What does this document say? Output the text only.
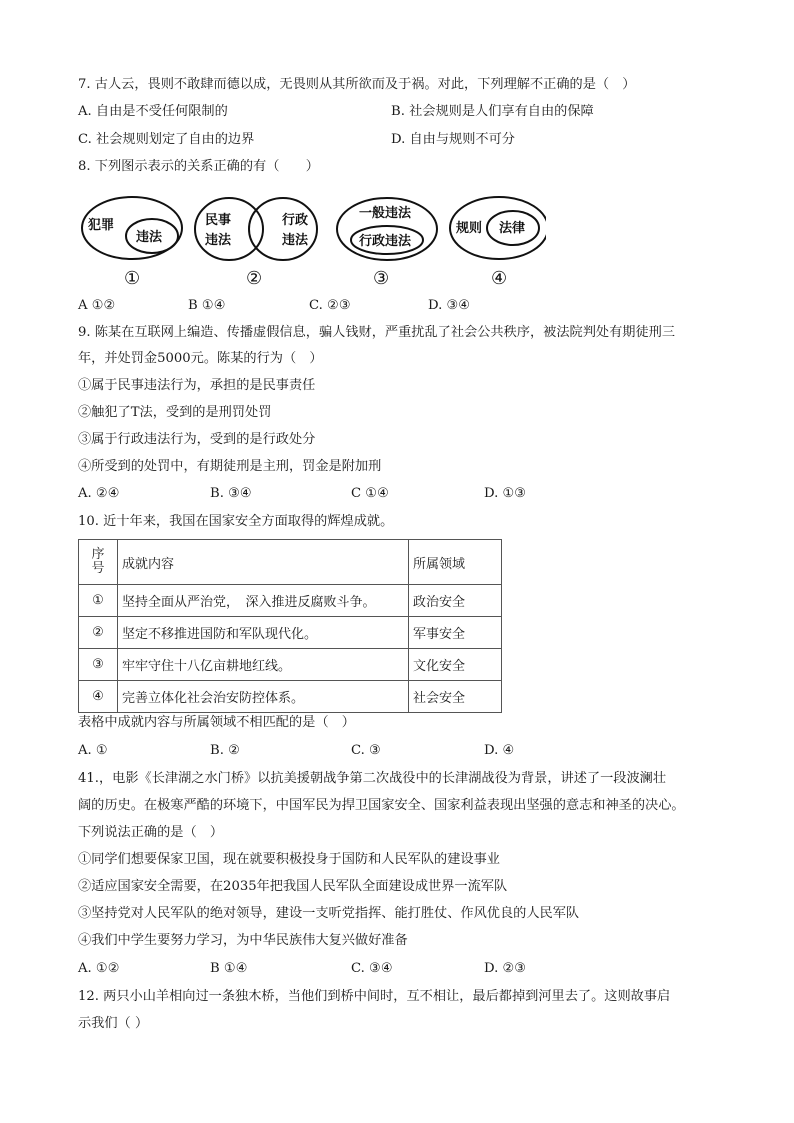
7. 古人云，畏则不敢肆而德以成，无畏则从其所欲而及于祸。对此，下列理解不正确的是（　）
A. 自由是不受任何限制的	B. 社会规则是人们享有自由的保障
C. 社会规则划定了自由的边界	D. 自由与规则不可分
8. 下列图示表示的关系正确的有（　　）
犯罪
违法
①
民事
违法
行政
违法
②
一般违法
行政违法
③
规则 法律
④
A ①②	B ①④	C. ②③	D. ③④
9. 陈某在互联网上编造、传播虚假信息，骗人钱财，严重扰乱了社会公共秩序，被法院判处有期徒刑三
年，并处罚金5000元。陈某的行为（　）
①属于民事违法行为，承担的是民事责任
②触犯了T法，受到的是刑罚处罚
③属于行政违法行为，受到的是行政处分
④所受到的处罚中，有期徒刑是主刑，罚金是附加刑
A. ②④	B. ③④	C ①④	D. ①③
10. 近十年来，我国在国家安全方面取得的辉煌成就。
序
号	成就内容	所属领域
①	坚持全面从严治党，　深入推进反腐败斗争。	政治安全
②	坚定不移推进国防和军队现代化。	军事安全
③	牢牢守住十八亿亩耕地红线。	文化安全
④	完善立体化社会治安防控体系。	社会安全
表格中成就内容与所属领域不相匹配的是（　）
A. ①	B. ②	C. ③	D. ④
41.，电影《长津湖之水门桥》以抗美援朝战争第二次战役中的长津湖战役为背景，讲述了一段波澜壮
阔的历史。在极寒严酷的环境下，中国军民为捍卫国家安全、国家利益表现出坚强的意志和神圣的决心。
下列说法正确的是（　）
①同学们想要保家卫国，现在就要积极投身于国防和人民军队的建设事业
②适应国家安全需要，在2035年把我国人民军队全面建设成世界一流军队
③坚持党对人民军队的绝对领导，建设一支听党指挥、能打胜仗、作风优良的人民军队
④我们中学生要努力学习，为中华民族伟大复兴做好准备
A. ①②	B ①④	C. ③④	D. ②③
12. 两只小山羊相向过一条独木桥，当他们到桥中间时，互不相让，最后都掉到河里去了。这则故事启
示我们（ ）
